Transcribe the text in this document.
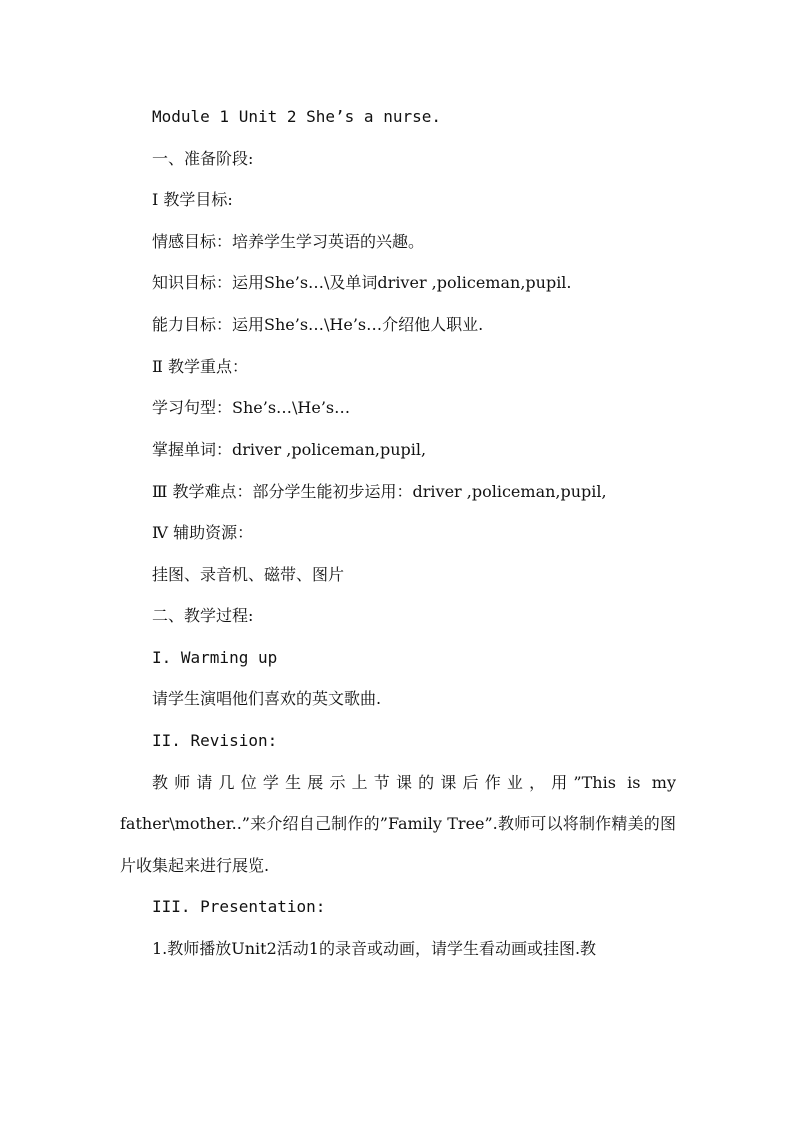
Module 1 Unit 2 She’s a nurse.
一、准备阶段:
Ⅰ 教学目标:
情感目标：培养学生学习英语的兴趣。
知识目标：运用She’s…\及单词driver ,policeman,pupil.
能力目标：运用She’s…\He’s…介绍他人职业.
Ⅱ 教学重点：
学习句型：She’s…\He’s…
掌握单词：driver ,policeman,pupil,
Ⅲ 教学难点：部分学生能初步运用：driver ,policeman,pupil,
Ⅳ 辅助资源：
挂图、录音机、磁带、图片
二、教学过程:
I. Warming up
请学生演唱他们喜欢的英文歌曲.
II. Revision:
教师请几位学生展示上节课的课后作业，用”This is my father\mother..”来介绍自己制作的”Family Tree”.教师可以将制作精美的图片收集起来进行展览.
III. Presentation:
1.教师播放Unit2活动1的录音或动画，请学生看动画或挂图.教
